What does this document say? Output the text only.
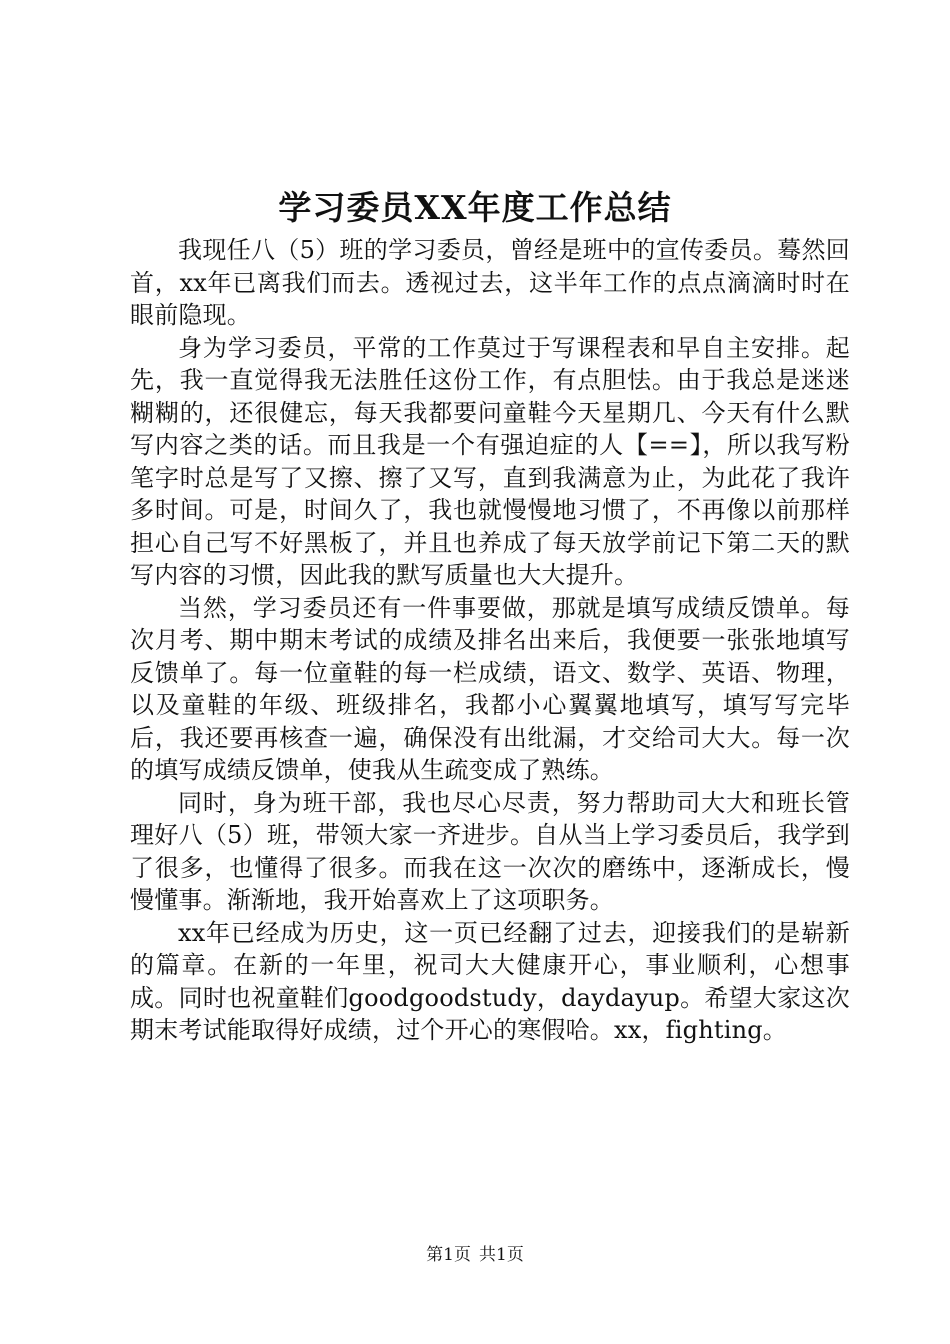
学习委员XX年度工作总结

我现任八（5）班的学习委员，曾经是班中的宣传委员。蓦然回首，xx年已离我们而去。透视过去，这半年工作的点点滴滴时时在眼前隐现。

身为学习委员，平常的工作莫过于写课程表和早自主安排。起先，我一直觉得我无法胜任这份工作，有点胆怯。由于我总是迷迷糊糊的，还很健忘，每天我都要问童鞋今天星期几、今天有什么默写内容之类的话。而且我是一个有强迫症的人【==】，所以我写粉笔字时总是写了又擦、擦了又写，直到我满意为止，为此花了我许多时间。可是，时间久了，我也就慢慢地习惯了，不再像以前那样担心自己写不好黑板了，并且也养成了每天放学前记下第二天的默写内容的习惯，因此我的默写质量也大大提升。

当然，学习委员还有一件事要做，那就是填写成绩反馈单。每次月考、期中期末考试的成绩及排名出来后，我便要一张张地填写反馈单了。每一位童鞋的每一栏成绩，语文、数学、英语、物理，以及童鞋的年级、班级排名，我都小心翼翼地填写，填写写完毕后，我还要再核查一遍，确保没有出纰漏，才交给司大大。每一次的填写成绩反馈单，使我从生疏变成了熟练。

同时，身为班干部，我也尽心尽责，努力帮助司大大和班长管理好八（5）班，带领大家一齐进步。自从当上学习委员后，我学到了很多，也懂得了很多。而我在这一次次的磨练中，逐渐成长，慢慢懂事。渐渐地，我开始喜欢上了这项职务。

xx年已经成为历史，这一页已经翻了过去，迎接我们的是崭新的篇章。在新的一年里，祝司大大健康开心，事业顺利，心想事成。同时也祝童鞋们goodgoodstudy，daydayup。希望大家这次期末考试能取得好成绩，过个开心的寒假哈。xx，fighting。

第1页 共1页
